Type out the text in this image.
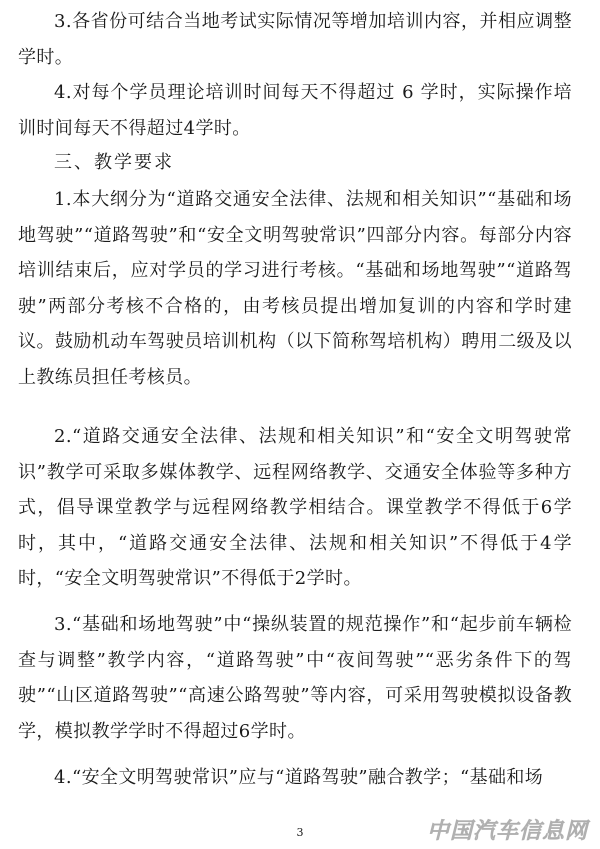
3.各省份可结合当地考试实际情况等增加培训内容，并相应调整学时。

4.对每个学员理论培训时间每天不得超过 6 学时，实际操作培训时间每天不得超过4学时。

三、教学要求

1.本大纲分为“道路交通安全法律、法规和相关知识”“基础和场地驾驶”“道路驾驶”和“安全文明驾驶常识”四部分内容。每部分内容培训结束后，应对学员的学习进行考核。“基础和场地驾驶”“道路驾驶”两部分考核不合格的，由考核员提出增加复训的内容和学时建议。鼓励机动车驾驶员培训机构（以下简称驾培机构）聘用二级及以上教练员担任考核员。

2.“道路交通安全法律、法规和相关知识”和“安全文明驾驶常识”教学可采取多媒体教学、远程网络教学、交通安全体验等多种方式，倡导课堂教学与远程网络教学相结合。课堂教学不得低于6学时，其中，“道路交通安全法律、法规和相关知识”不得低于4学时，“安全文明驾驶常识”不得低于2学时。

3.“基础和场地驾驶”中“操纵装置的规范操作”和“起步前车辆检查与调整”教学内容，“道路驾驶”中“夜间驾驶”“恶劣条件下的驾驶”“山区道路驾驶”“高速公路驾驶”等内容，可采用驾驶模拟设备教学，模拟教学学时不得超过6学时。

4.“安全文明驾驶常识”应与“道路驾驶”融合教学；“基础和场

3	中国汽车信息网
